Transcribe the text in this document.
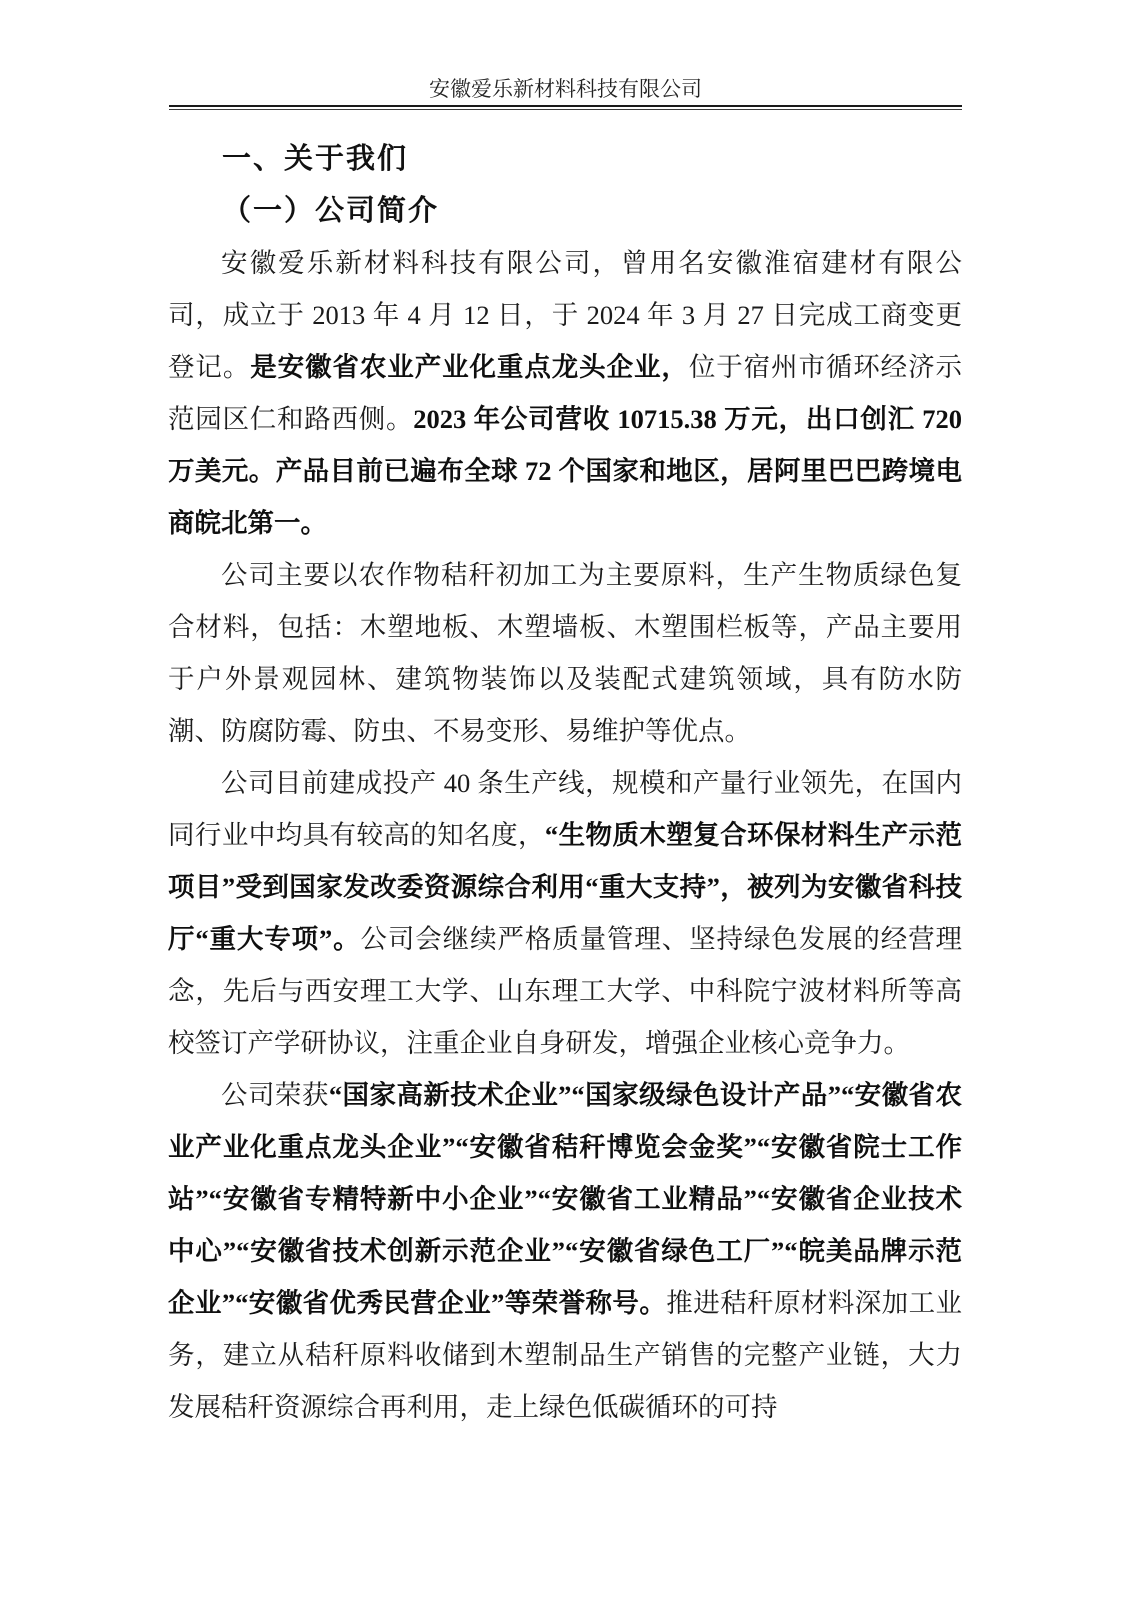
安徽爱乐新材料科技有限公司
一、关于我们
（一）公司简介

安徽爱乐新材料科技有限公司，曾用名安徽淮宿建材有限公司，成立于 2013 年 4 月 12 日，于 2024 年 3 月 27 日完成工商变更登记。是安徽省农业产业化重点龙头企业，位于宿州市循环经济示范园区仁和路西侧。2023 年公司营收 10715.38 万元，出口创汇 720 万美元。产品目前已遍布全球 72 个国家和地区，居阿里巴巴跨境电商皖北第一。

公司主要以农作物秸秆初加工为主要原料，生产生物质绿色复合材料，包括：木塑地板、木塑墙板、木塑围栏板等，产品主要用于户外景观园林、建筑物装饰以及装配式建筑领域，具有防水防潮、防腐防霉、防虫、不易变形、易维护等优点。

公司目前建成投产 40 条生产线，规模和产量行业领先，在国内同行业中均具有较高的知名度，“生物质木塑复合环保材料生产示范项目”受到国家发改委资源综合利用“重大支持”，被列为安徽省科技厅“重大专项”。公司会继续严格质量管理、坚持绿色发展的经营理念，先后与西安理工大学、山东理工大学、中科院宁波材料所等高校签订产学研协议，注重企业自身研发，增强企业核心竞争力。

公司荣获“国家高新技术企业”“国家级绿色设计产品”“安徽省农业产业化重点龙头企业”“安徽省秸秆博览会金奖”“安徽省院士工作站”“安徽省专精特新中小企业”“安徽省工业精品”“安徽省企业技术中心”“安徽省技术创新示范企业”“安徽省绿色工厂”“皖美品牌示范企业”“安徽省优秀民营企业”等荣誉称号。推进秸秆原材料深加工业务，建立从秸秆原料收储到木塑制品生产销售的完整产业链，大力发展秸秆资源综合再利用，走上绿色低碳循环的可持
